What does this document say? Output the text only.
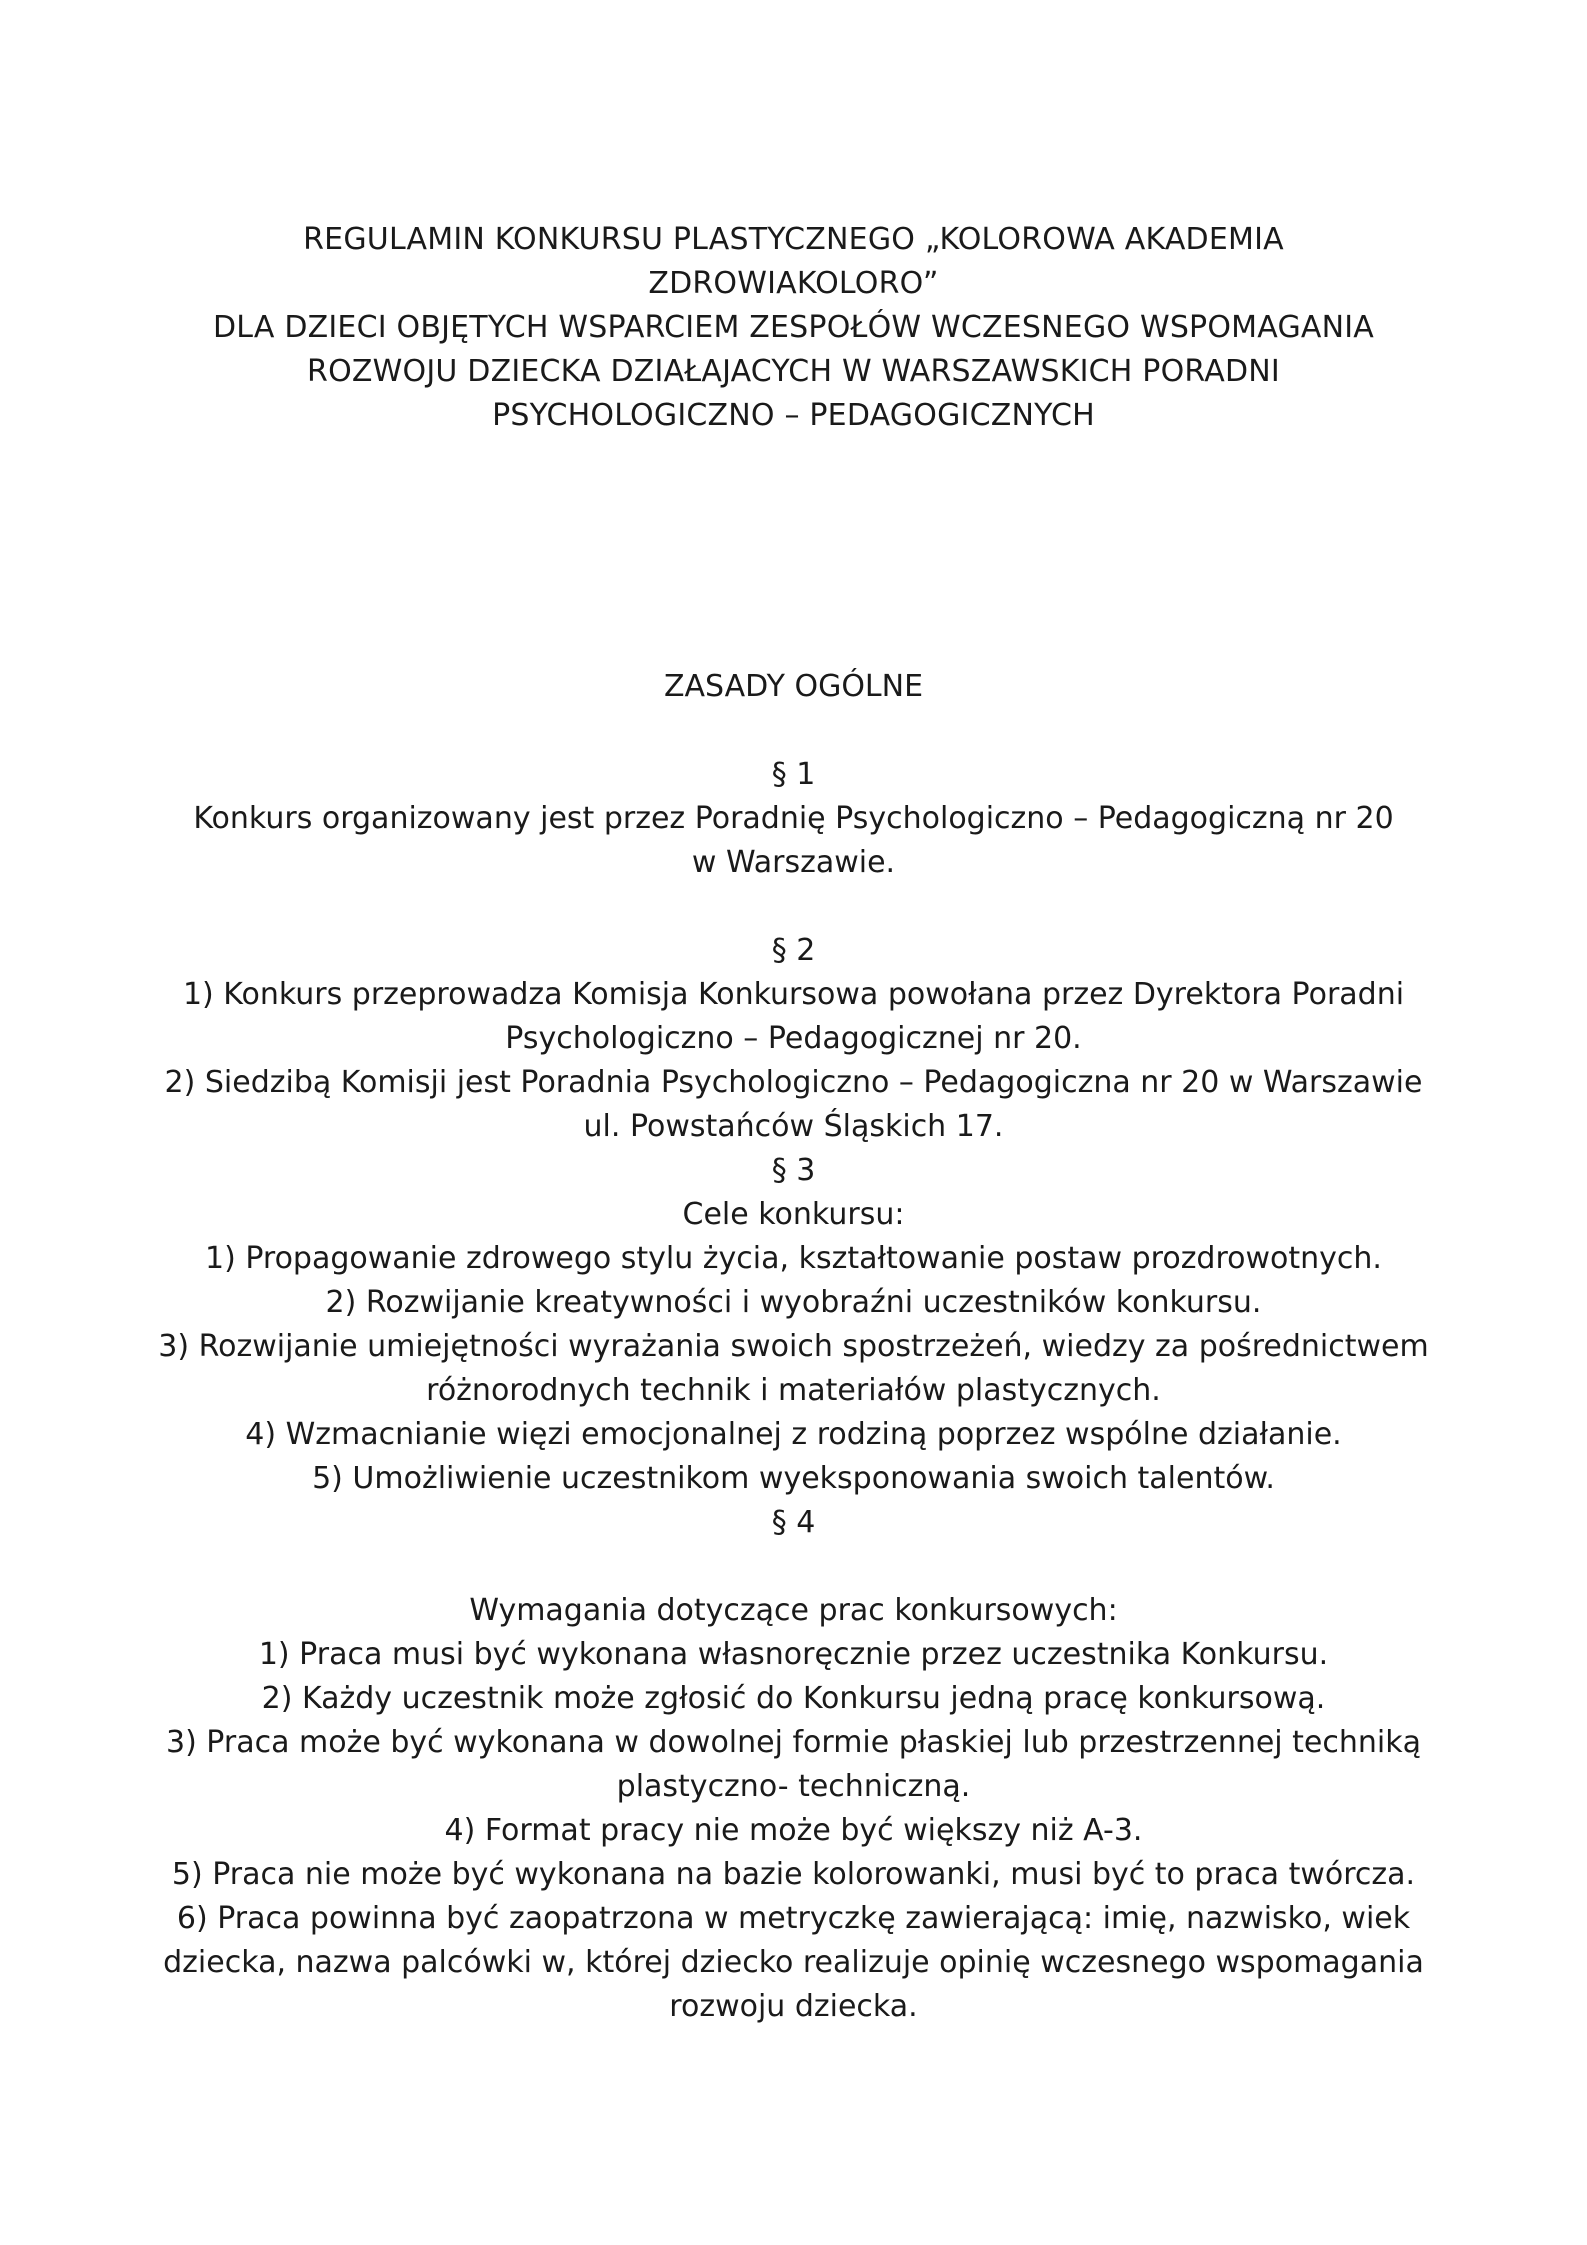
REGULAMIN KONKURSU PLASTYCZNEGO „KOLOROWA AKADEMIA
ZDROWIAKOLORO”
DLA DZIECI OBJĘTYCH WSPARCIEM ZESPOŁÓW WCZESNEGO WSPOMAGANIA
ROZWOJU DZIECKA DZIAŁAJACYCH W WARSZAWSKICH PORADNI
PSYCHOLOGICZNO – PEDAGOGICZNYCH
ZASADY OGÓLNE
§ 1
Konkurs organizowany jest przez Poradnię Psychologiczno – Pedagogiczną nr 20
w Warszawie.
§ 2
1) Konkurs przeprowadza Komisja Konkursowa powołana przez Dyrektora Poradni
Psychologiczno – Pedagogicznej nr 20.
2) Siedzibą Komisji jest Poradnia Psychologiczno – Pedagogiczna nr 20 w Warszawie
ul. Powstańców Śląskich 17.
§ 3
Cele konkursu:
1) Propagowanie zdrowego stylu życia, kształtowanie postaw prozdrowotnych.
2) Rozwijanie kreatywności i wyobraźni uczestników konkursu.
3) Rozwijanie umiejętności wyrażania swoich spostrzeżeń, wiedzy za pośrednictwem
różnorodnych technik i materiałów plastycznych.
4) Wzmacnianie więzi emocjonalnej z rodziną poprzez wspólne działanie.
5) Umożliwienie uczestnikom wyeksponowania swoich talentów.
§ 4
Wymagania dotyczące prac konkursowych:
1) Praca musi być wykonana własnoręcznie przez uczestnika Konkursu.
2) Każdy uczestnik może zgłosić do Konkursu jedną pracę konkursową.
3) Praca może być wykonana w dowolnej formie płaskiej lub przestrzennej techniką
plastyczno- techniczną.
4) Format pracy nie może być większy niż A-3.
5) Praca nie może być wykonana na bazie kolorowanki, musi być to praca twórcza.
6) Praca powinna być zaopatrzona w metryczkę zawierającą: imię, nazwisko, wiek
dziecka, nazwa palcówki w, której dziecko realizuje opinię wczesnego wspomagania
rozwoju dziecka.
